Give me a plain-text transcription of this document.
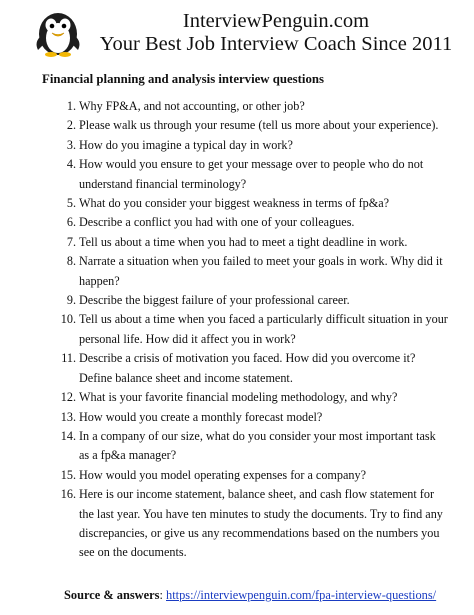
InterviewPenguin.com
Your Best Job Interview Coach Since 2011
Financial planning and analysis interview questions
1. Why FP&A, and not accounting, or other job?
2. Please walk us through your resume (tell us more about your experience).
3. How do you imagine a typical day in work?
4. How would you ensure to get your message over to people who do not understand financial terminology?
5. What do you consider your biggest weakness in terms of fp&a?
6. Describe a conflict you had with one of your colleagues.
7. Tell us about a time when you had to meet a tight deadline in work.
8. Narrate a situation when you failed to meet your goals in work. Why did it happen?
9. Describe the biggest failure of your professional career.
10. Tell us about a time when you faced a particularly difficult situation in your personal life. How did it affect you in work?
11. Describe a crisis of motivation you faced. How did you overcome it? Define balance sheet and income statement.
12. What is your favorite financial modeling methodology, and why?
13. How would you create a monthly forecast model?
14. In a company of our size, what do you consider your most important task as a fp&a manager?
15. How would you model operating expenses for a company?
16. Here is our income statement, balance sheet, and cash flow statement for the last year. You have ten minutes to study the documents. Try to find any discrepancies, or give us any recommendations based on the numbers you see on the documents.
Source & answers: https://interviewpenguin.com/fpa-interview-questions/
